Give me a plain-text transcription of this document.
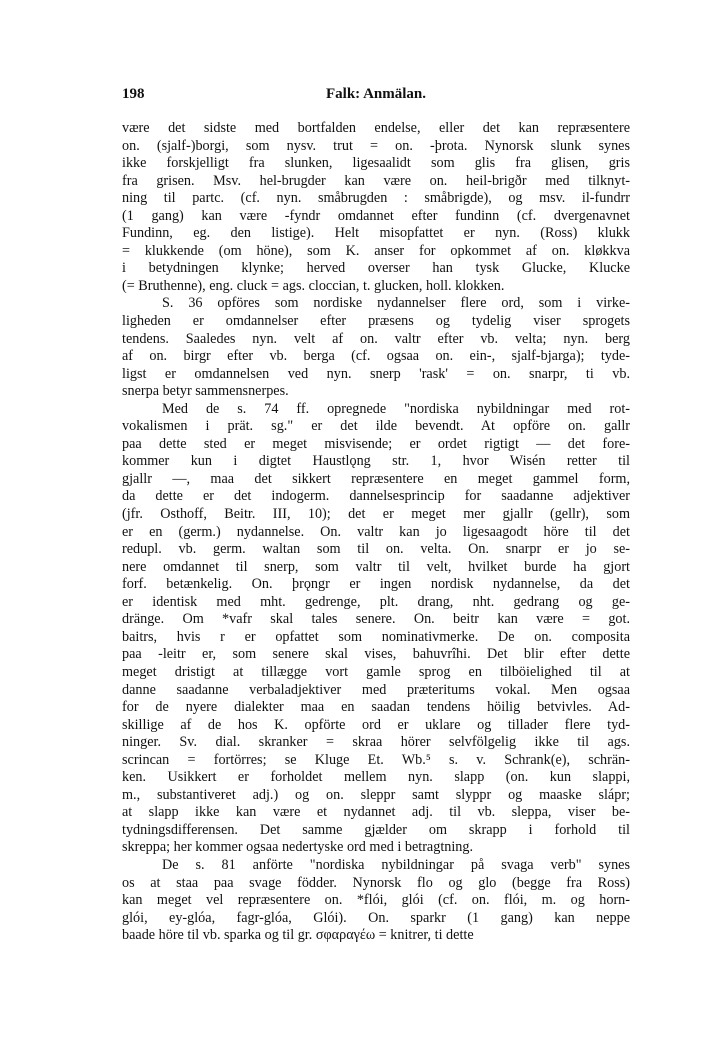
198	Falk: Anmälan.
være det sidste med bortfalden endelse, eller det kan repræsentere
on. (sjalf-)borgi, som nysv. trut = on. -þrota. Nynorsk slunk synes
ikke forskjelligt fra slunken, ligesaalidt som glis fra glisen, gris
fra grisen. Msv. hel-brugder kan være on. heil-brigðr med tilknyt-
ning til partc. (cf. nyn. småbrugden : småbrigde), og msv. il-fundrr
(1 gang) kan være -fyndr omdannet efter fundinn (cf. dvergenavnet
Fundinn, eg. den listige). Helt misopfattet er nyn. (Ross) klukk
= klukkende (om höne), som K. anser for opkommet af on. kløkkva
i betydningen klynke; herved overser han tysk Glucke, Klucke
(= Bruthenne), eng. cluck = ags. cloccian, t. glucken, holl. klokken.
S. 36 opföres som nordiske nydannelser flere ord, som i virke-
ligheden er omdannelser efter præsens og tydelig viser sprogets
tendens. Saaledes nyn. velt af on. valtr efter vb. velta; nyn. berg
af on. birgr efter vb. berga (cf. ogsaa on. ein-, sjalf-bjarga); tyde-
ligst er omdannelsen ved nyn. snerp 'rask' = on. snarpr, ti vb.
snerpa betyr sammensnerpes.
Med de s. 74 ff. opregnede "nordiska nybildningar med rot-
vokalismen i prät. sg." er det ilde bevendt. At opföre on. gallr
paa dette sted er meget misvisende; er ordet rigtigt — det fore-
kommer kun i digtet Haustlǫng str. 1, hvor Wisén retter til
gjallr —, maa det sikkert repræsentere en meget gammel form,
da dette er det indogerm. dannelsesprincip for saadanne adjektiver
(jfr. Osthoff, Beitr. III, 10); det er meget mer gjallr (gellr), som
er en (germ.) nydannelse. On. valtr kan jo ligesaagodt höre til det
redupl. vb. germ. waltan som til on. velta. On. snarpr er jo se-
nere omdannet til snerp, som valtr til velt, hvilket burde ha gjort
forf. betænkelig. On. þrǫngr er ingen nordisk nydannelse, da det
er identisk med mht. gedrenge, plt. drang, nht. gedrang og ge-
dränge. Om *vafr skal tales senere. On. beitr kan være = got.
baitrs, hvis r er opfattet som nominativmerke. De on. composita
paa -leitr er, som senere skal vises, bahuvrîhi. Det blir efter dette
meget dristigt at tillægge vort gamle sprog en tilböielighed til at
danne saadanne verbaladjektiver med præteritums vokal. Men ogsaa
for de nyere dialekter maa en saadan tendens höilig betvivles. Ad-
skillige af de hos K. opförte ord er uklare og tillader flere tyd-
ninger. Sv. dial. skranker = skraa hörer selvfölgelig ikke til ags.
scrincan = fortörres; se Kluge Et. Wb.⁵ s. v. Schrank(e), schrän-
ken. Usikkert er forholdet mellem nyn. slapp (on. kun slappi,
m., substantiveret adj.) og on. sleppr samt slyppr og maaske slápr;
at slapp ikke kan være et nydannet adj. til vb. sleppa, viser be-
tydningsdifferensen. Det samme gjælder om skrapp i forhold til
skreppa; her kommer ogsaa nedertyske ord med i betragtning.
De s. 81 anförte "nordiska nybildningar på svaga verb" synes
os at staa paa svage födder. Nynorsk flo og glo (begge fra Ross)
kan meget vel repræsentere on. *flói, glói (cf. on. flói, m. og horn-
glói, ey-glóa, fagr-glóa, Glói). On. sparkr (1 gang) kan neppe
baade höre til vb. sparka og til gr. σφαραγέω = knitrer, ti dette
